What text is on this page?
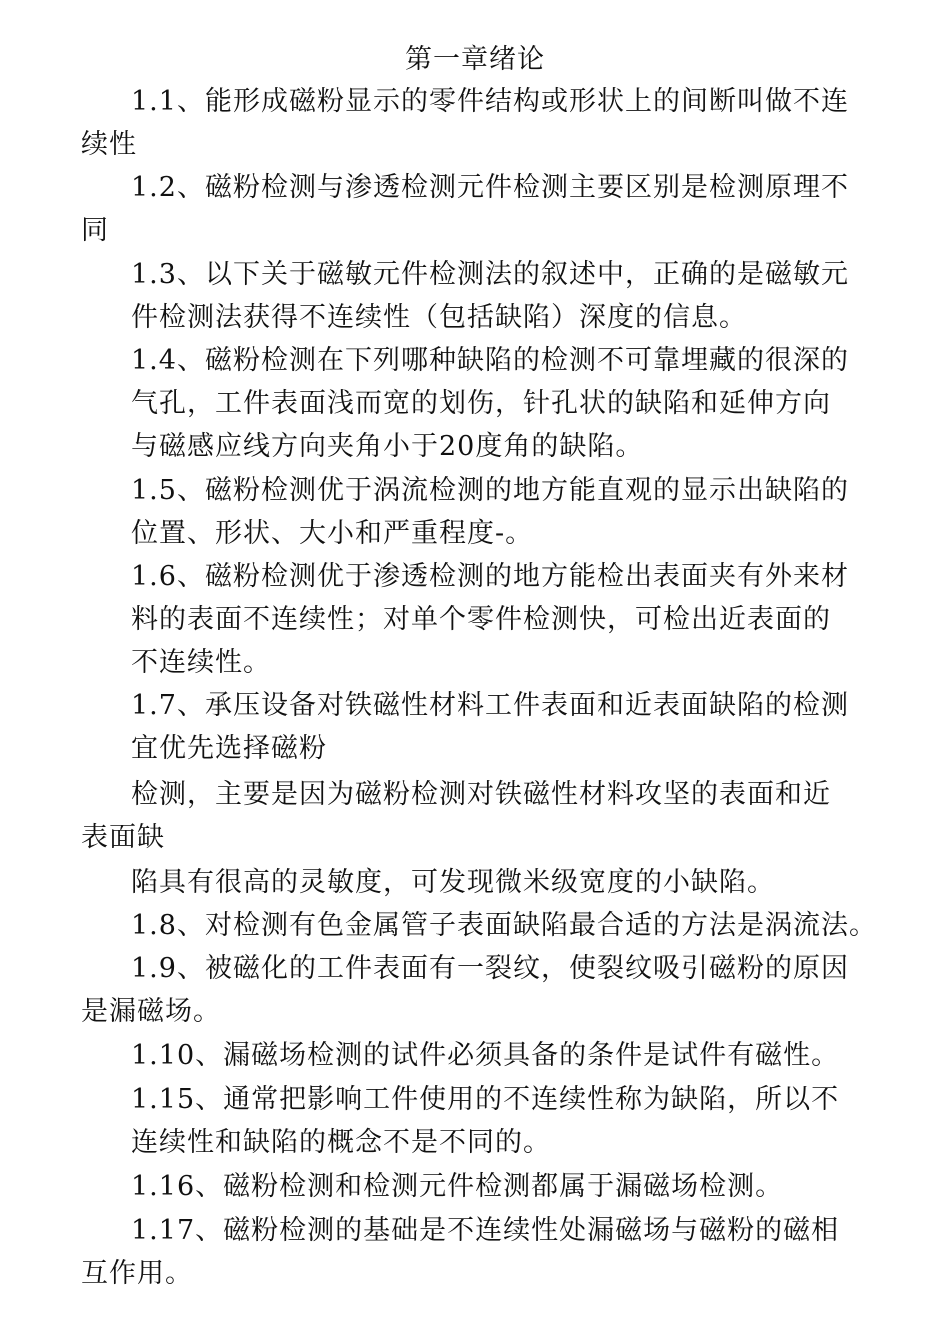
第一章绪论
1.1、能形成磁粉显示的零件结构或形状上的间断叫做不连
续性
1.2、磁粉检测与渗透检测元件检测主要区别是检测原理不
同
1.3、以下关于磁敏元件检测法的叙述中，正确的是磁敏元
件检测法获得不连续性（包括缺陷）深度的信息。
1.4、磁粉检测在下列哪种缺陷的检测不可靠埋藏的很深的
气孔，工件表面浅而宽的划伤，针孔状的缺陷和延伸方向
与磁感应线方向夹角小于20度角的缺陷。
1.5、磁粉检测优于涡流检测的地方能直观的显示出缺陷的
位置、形状、大小和严重程度-。
1.6、磁粉检测优于渗透检测的地方能检出表面夹有外来材
料的表面不连续性；对单个零件检测快，可检出近表面的
不连续性。
1.7、承压设备对铁磁性材料工件表面和近表面缺陷的检测
宜优先选择磁粉
检测，主要是因为磁粉检测对铁磁性材料攻坚的表面和近
表面缺
陷具有很高的灵敏度，可发现微米级宽度的小缺陷。
1.8、对检测有色金属管子表面缺陷最合适的方法是涡流法。
1.9、被磁化的工件表面有一裂纹，使裂纹吸引磁粉的原因
是漏磁场。
1.10、漏磁场检测的试件必须具备的条件是试件有磁性。
1.15、通常把影响工件使用的不连续性称为缺陷，所以不
连续性和缺陷的概念不是不同的。
1.16、磁粉检测和检测元件检测都属于漏磁场检测。
1.17、磁粉检测的基础是不连续性处漏磁场与磁粉的磁相
互作用。
